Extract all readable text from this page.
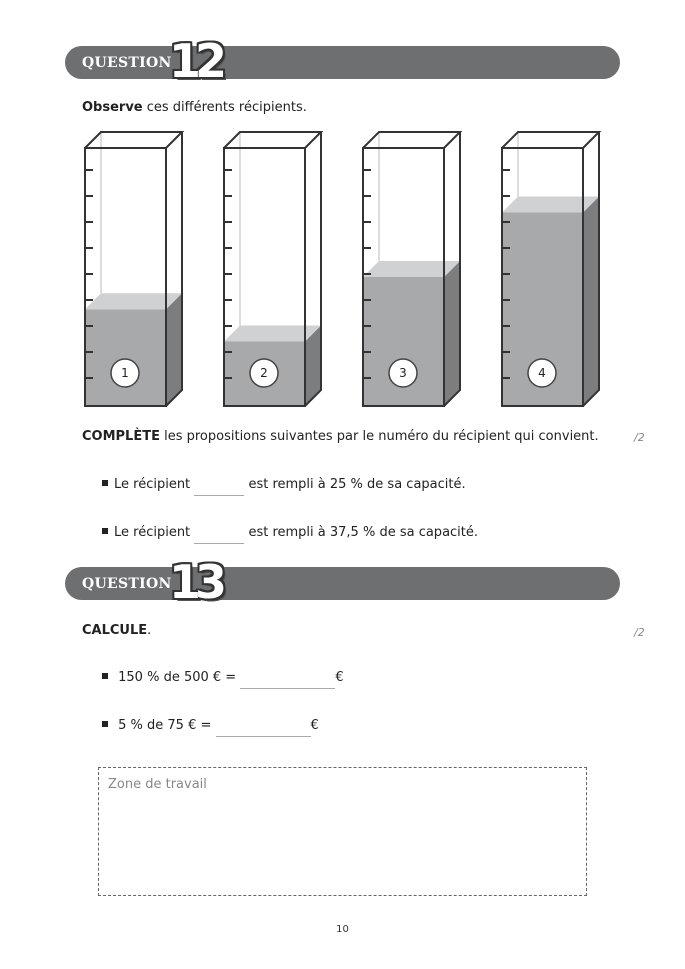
QUESTION
12
Observe ces différents récipients.
1	2	3	4
COMPLÈTE les propositions suivantes par le numéro du récipient qui convient.	/2
Le récipient	est rempli à 25 % de sa capacité.
Le récipient	est rempli à 37,5 % de sa capacité.
QUESTION
13
CALCULE.	/2
150 % de 500 € =	€
5 % de 75 € =	€
Zone de travail
10
